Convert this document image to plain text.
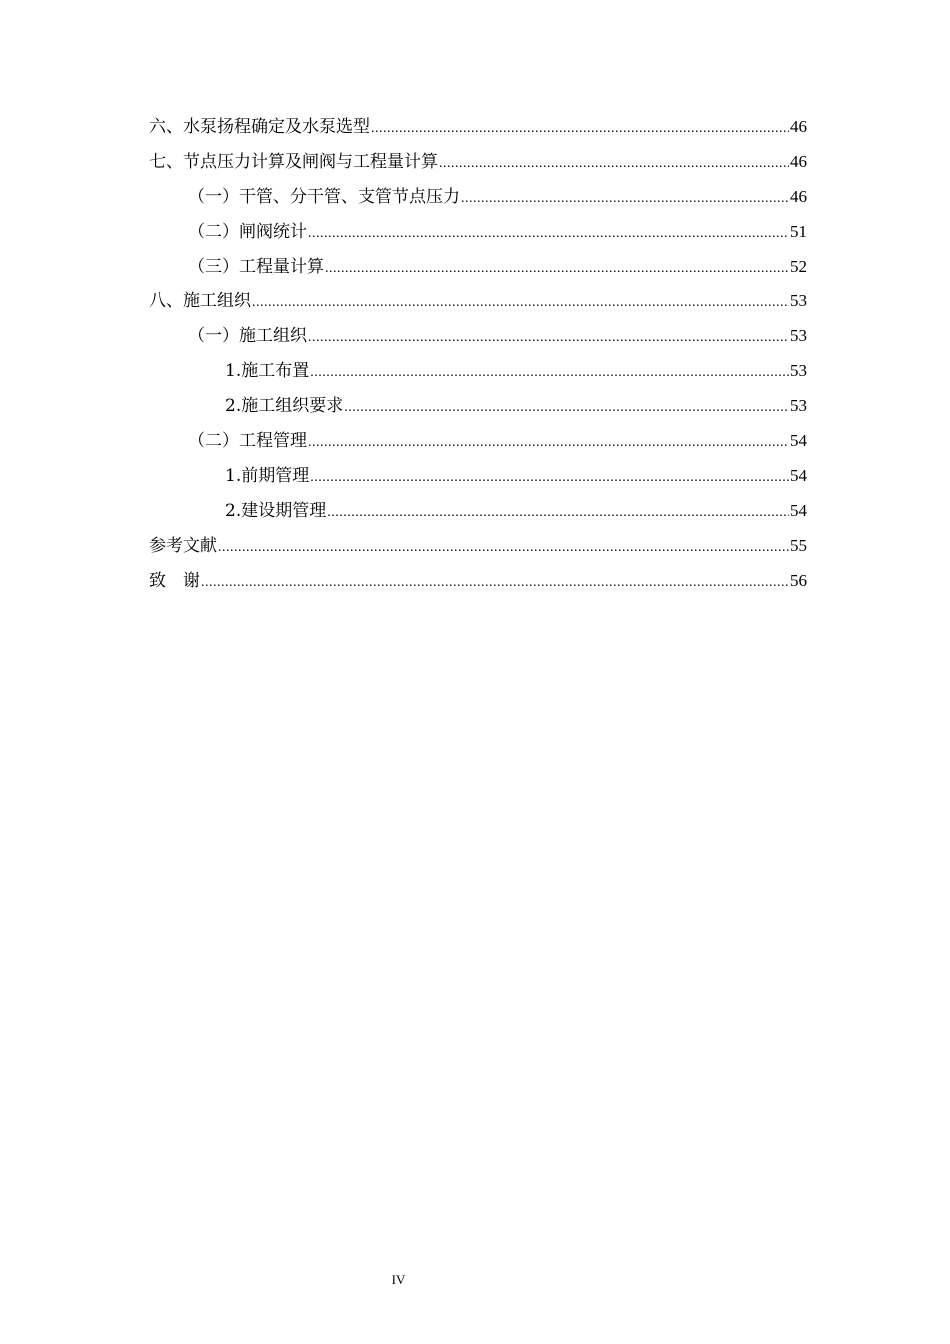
六、水泵扬程确定及水泵选型 .....	46
七、节点压力计算及闸阀与工程量计算 .....	46
（一）干管、分干管、支管节点压力 .....	46
（二）闸阀统计 .....	51
（三）工程量计算 .....	52
八、施工组织 .....	53
（一）施工组织 .....	53
1.施工布置 .....	53
2.施工组织要求 .....	53
（二）工程管理 .....	54
1.前期管理 .....	54
2.建设期管理 .....	54
参考文献 .....	55
致　谢 .....	56
IV
